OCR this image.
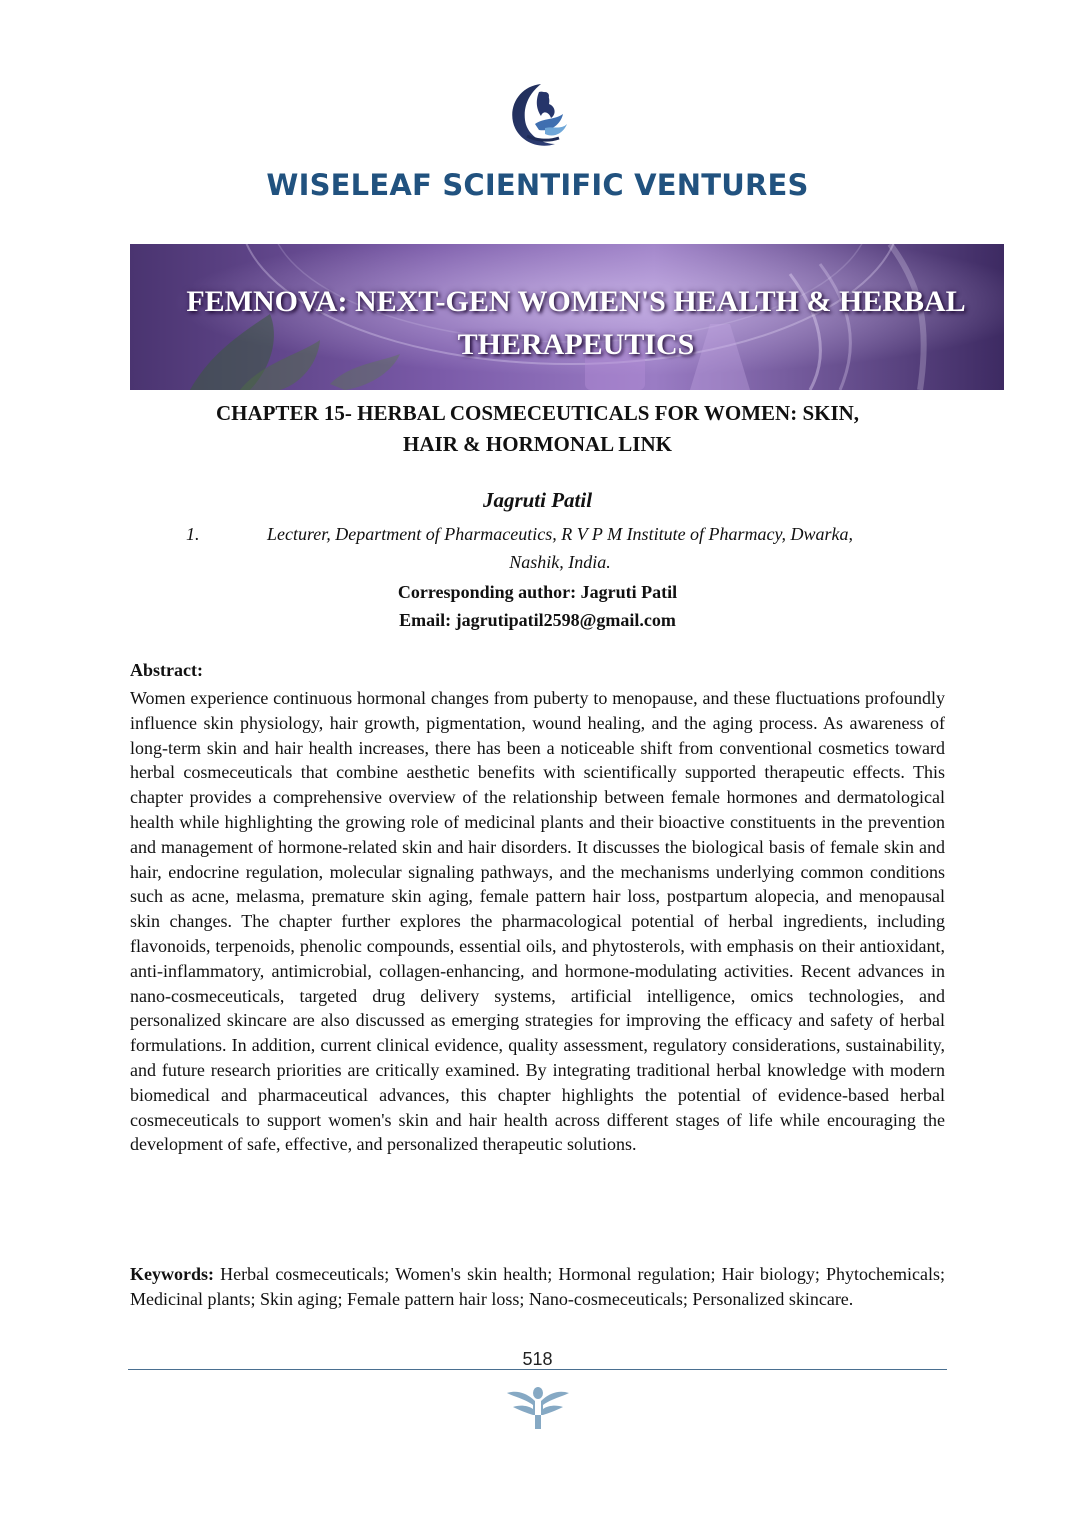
WISELEAF SCIENTIFIC VENTURES
FEMNOVA: NEXT-GEN WOMEN'S HEALTH & HERBAL
THERAPEUTICS
CHAPTER 15- HERBAL COSMECEUTICALS FOR WOMEN: SKIN,
HAIR & HORMONAL LINK
Jagruti Patil
1.	Lecturer, Department of Pharmaceutics, R V P M Institute of Pharmacy, Dwarka,
Nashik, India.
Corresponding author: Jagruti Patil
Email: jagrutipatil2598@gmail.com
Abstract:
Women experience continuous hormonal changes from puberty to menopause, and these fluctuations profoundly influence skin physiology, hair growth, pigmentation, wound healing, and the aging process. As awareness of long-term skin and hair health increases, there has been a noticeable shift from conventional cosmetics toward herbal cosmeceuticals that combine aesthetic benefits with scientifically supported therapeutic effects. This chapter provides a comprehensive overview of the relationship between female hormones and dermatological health while highlighting the growing role of medicinal plants and their bioactive constituents in the prevention and management of hormone-related skin and hair disorders. It discusses the biological basis of female skin and hair, endocrine regulation, molecular signaling pathways, and the mechanisms underlying common conditions such as acne, melasma, premature skin aging, female pattern hair loss, postpartum alopecia, and menopausal skin changes. The chapter further explores the pharmacological potential of herbal ingredients, including flavonoids, terpenoids, phenolic compounds, essential oils, and phytosterols, with emphasis on their antioxidant, anti-inflammatory, antimicrobial, collagen-enhancing, and hormone-modulating activities. Recent advances in nano-cosmeceuticals, targeted drug delivery systems, artificial intelligence, omics technologies, and personalized skincare are also discussed as emerging strategies for improving the efficacy and safety of herbal formulations. In addition, current clinical evidence, quality assessment, regulatory considerations, sustainability, and future research priorities are critically examined. By integrating traditional herbal knowledge with modern biomedical and pharmaceutical advances, this chapter highlights the potential of evidence-based herbal cosmeceuticals to support women's skin and hair health across different stages of life while encouraging the development of safe, effective, and personalized therapeutic solutions.
Keywords: Herbal cosmeceuticals; Women's skin health; Hormonal regulation; Hair biology; Phytochemicals; Medicinal plants; Skin aging; Female pattern hair loss; Nano-cosmeceuticals; Personalized skincare.
518
